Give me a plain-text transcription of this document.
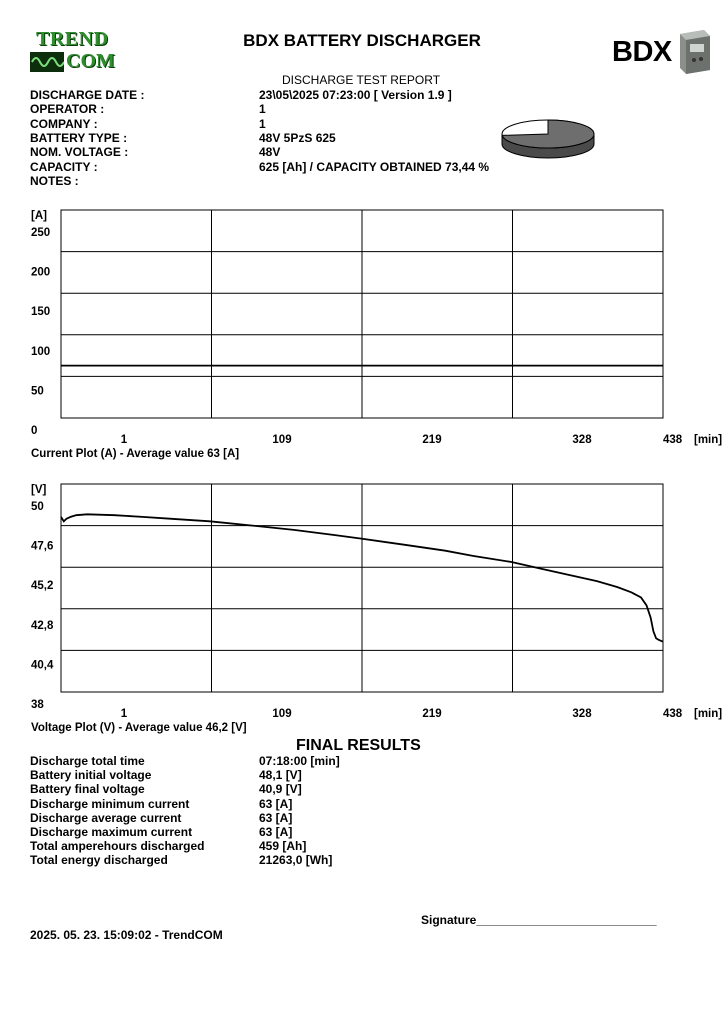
TREND
COM
BDX BATTERY DISCHARGER
DISCHARGE TEST REPORT
BDX
DISCHARGE DATE :	23\05\2025 07:23:00 [ Version 1.9 ]
OPERATOR :	1
COMPANY :	1
BATTERY TYPE :	48V 5PzS 625
NOM. VOLTAGE :	48V
CAPACITY :	625 [Ah] / CAPACITY OBTAINED 73,44 %
NOTES :
[A]
250
200
150
100
50
0
1	109	219	328	438 [min]
Current Plot (A) - Average value 63 [A]
[V]
50
47,6
45,2
42,8
40,4
38
1	109	219	328	438 [min]
Voltage Plot (V) - Average value 46,2 [V]
FINAL RESULTS
Discharge total time	07:18:00 [min]
Battery initial voltage	48,1 [V]
Battery final voltage	40,9 [V]
Discharge minimum current	63 [A]
Discharge average current	63 [A]
Discharge maximum current	63 [A]
Total amperehours discharged	459 [Ah]
Total energy discharged	21263,0 [Wh]
Signature___________________________
2025. 05. 23. 15:09:02 - TrendCOM
